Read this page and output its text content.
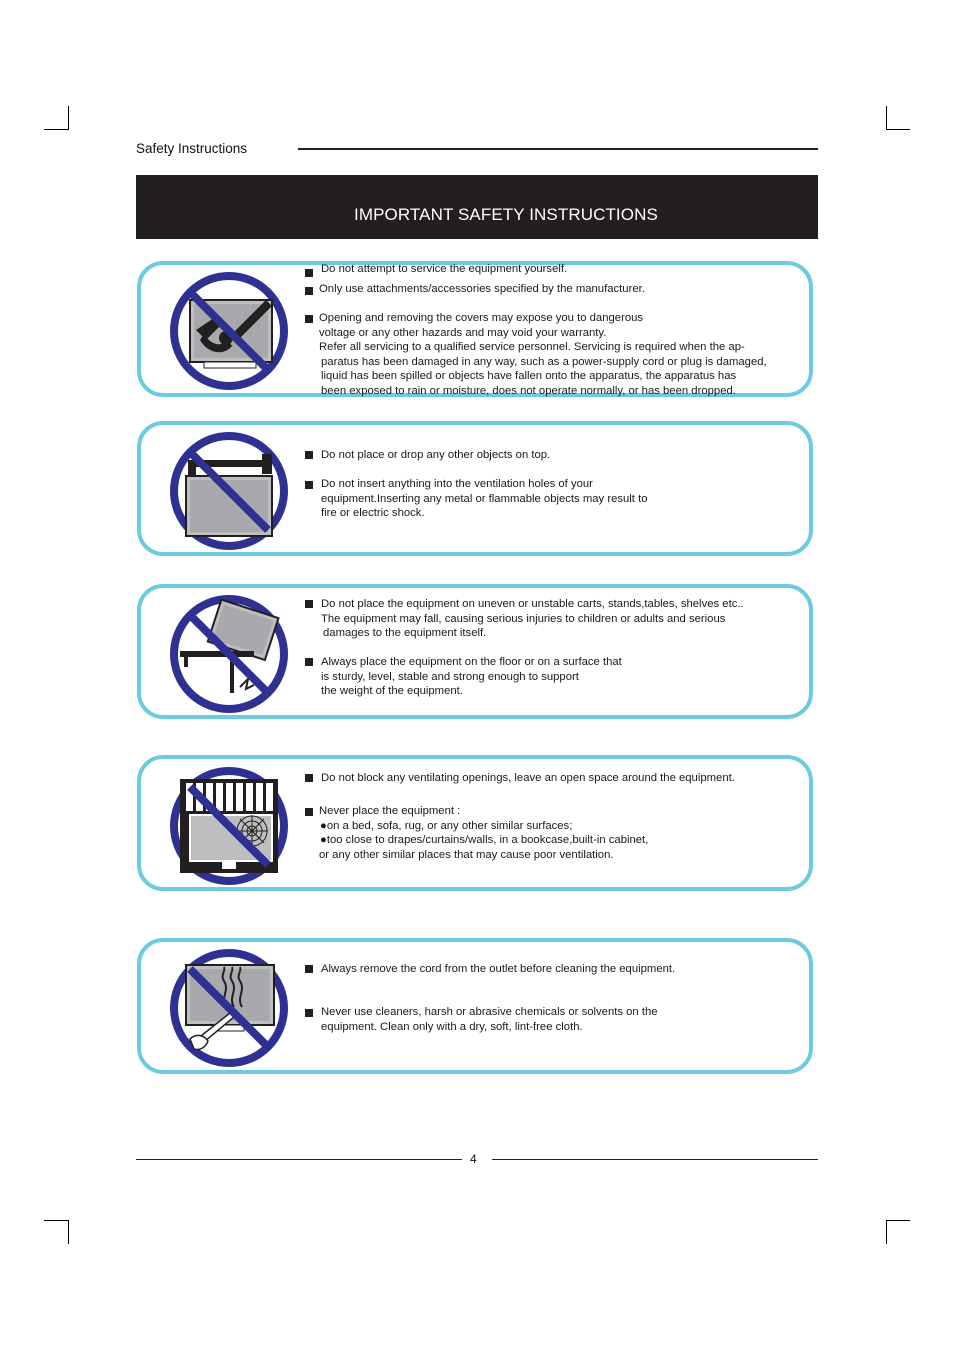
Safety Instructions
IMPORTANT SAFETY INSTRUCTIONS
Do not attempt to service the equipment yourself.
Only use attachments/accessories specified by the manufacturer.
Opening and removing the covers may expose you to dangerous
voltage or any other hazards and may void your warranty.
Refer all servicing to a qualified service personnel. Servicing is required when the ap-
paratus has been damaged in any way, such as a power-supply cord or plug is damaged,
liquid has been spilled or objects have fallen onto the apparatus, the apparatus has
been exposed to rain or moisture, does not operate normally, or has been dropped.
Do not place or drop any other objects on top.
Do not insert anything into the ventilation holes of your
equipment.Inserting any metal or flammable objects may result to
fire or electric shock.
Do not place the equipment on uneven or unstable carts, stands,tables, shelves etc..
The equipment may fall, causing serious injuries to children or adults and serious
damages to the equipment itself.
Always place the equipment on the floor or on a surface that
is sturdy, level, stable and strong enough to support
the weight of the equipment.
Do not block any ventilating openings, leave an open space around the equipment.
Never place the equipment :
●on a bed, sofa, rug, or any other similar surfaces;
●too close to drapes/curtains/walls, in a bookcase,built-in cabinet,
or any other similar places that may cause poor ventilation.
Always remove the cord from the outlet before cleaning the equipment.
Never use cleaners, harsh or abrasive chemicals or solvents on the
equipment. Clean only with a dry, soft, lint-free cloth.
4
